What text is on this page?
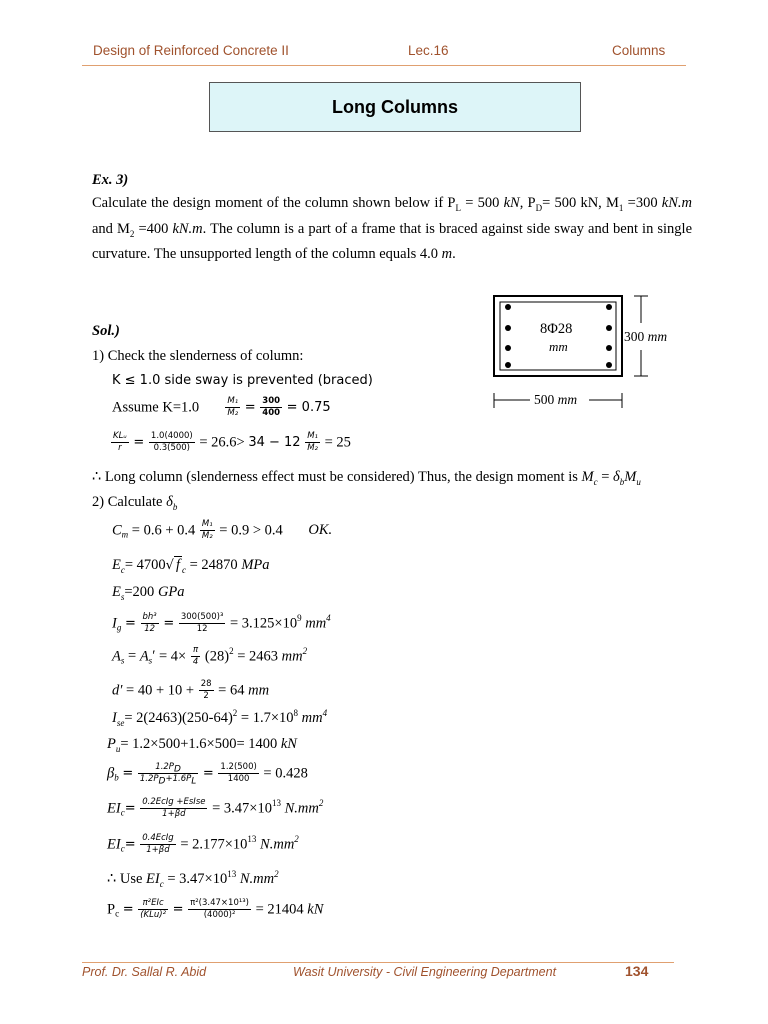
Design of Reinforced Concrete II	Lec.16	Columns
Long Columns
Ex. 3)
Calculate the design moment of the column shown below if $P_L = 500$ kN, $P_D= 500$ kN, $M_1 =300$ kN.m and $M_2 =400$ kN.m. The column is a part of a frame that is braced against side sway and bent in single curvature. The unsupported length of the column equals 4.0 m.
8Φ28
mm
300 mm
500 mm
Sol.)
1) Check the slenderness of column:
K ≤ 1.0 side sway is prevented (braced)
Assume K=1.0	$\frac{\text{M₁}}{\text{M₂}} = \frac{300}{400} = 0.75$
$\frac{\text{KLᵤ}}{r} = \frac{1.0(4000)}{0.3(500)} = 26.6> 34 - 12 \frac{\text{M₁}}{\text{M₂}} = 25$
∴ Long column (slenderness effect must be considered) Thus, the design moment is $M_c = \delta_bM_u$
2) Calculate $\delta_b$
$C_m = 0.6 + 0.4 \frac{\text{M₁}}{\text{M₂}} = 0.9 > 0.4$ OK.
$E_c= 4700√$ f $_c$ = 24870 MPa
$E_s=200$ GPa
$I_g = \frac{\text{bh³}}{12} = \frac{\text{300(500)³}}{12} = 3.125\times 10^9$ $mm^4$
$A_s = A_s' = 4\times \frac{\pi}{4} (28)^2 = 2463$ $mm^2$
$d' = 40 + 10 + \frac{28}{2} = 64$ mm
$I_{se}= 2(2463)(250-64)^2 = 1.7\times 10^8$ $mm^4$
$P_u= 1.2\times 500+1.6\times 500= 1400$ kN
$\beta_b = \frac{1.2P_D}{1.2P_D+1.6P_L} = \frac{1.2(500)}{1400} = 0.428$
$EI_c= \frac{\text{0.2EᴄIg +EsIse}}{1+\beta d} = 3.47\times 10^{13}$ $N.mm^2$
$EI_c= \frac{\text{0.4EᴄIg}}{1+\beta d} = 2.177\times 10^{13}$ $N.mm^2$
∴ Use $EI_c = 3.47\times 10^{13}$ $N.mm^2$
$P_c = \frac{\text{π²EIᴄ}}{\text{(KLu)²}} = \frac{\text{π²(3.47×10¹³)}}{\text{(4000)²}} = 21404$ kN
Prof. Dr. Sallal R. Abid	Wasit University - Civil Engineering Department	134
